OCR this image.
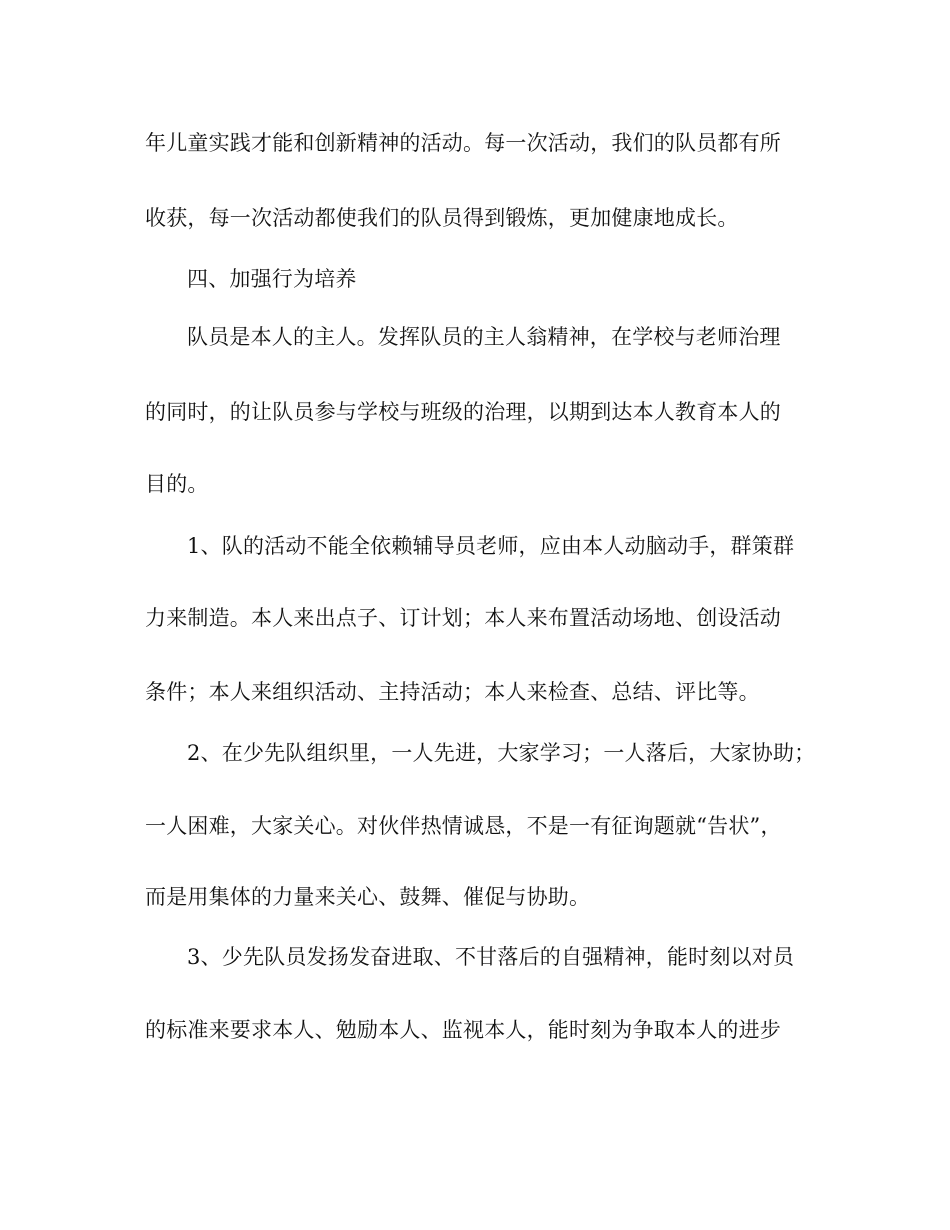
年儿童实践才能和创新精神的活动。每一次活动，我们的队员都有所
收获，每一次活动都使我们的队员得到锻炼，更加健康地成长。
四、加强行为培养
队员是本人的主人。发挥队员的主人翁精神，在学校与老师治理
的同时，的让队员参与学校与班级的治理，以期到达本人教育本人的
目的。
1、队的活动不能全依赖辅导员老师，应由本人动脑动手，群策群
力来制造。本人来出点子、订计划；本人来布置活动场地、创设活动
条件；本人来组织活动、主持活动；本人来检查、总结、评比等。
2、在少先队组织里，一人先进，大家学习；一人落后，大家协助；
一人困难，大家关心。对伙伴热情诚恳，不是一有征询题就“告状”，
而是用集体的力量来关心、鼓舞、催促与协助。
3、少先队员发扬发奋进取、不甘落后的自强精神，能时刻以对员
的标准来要求本人、勉励本人、监视本人，能时刻为争取本人的进步
